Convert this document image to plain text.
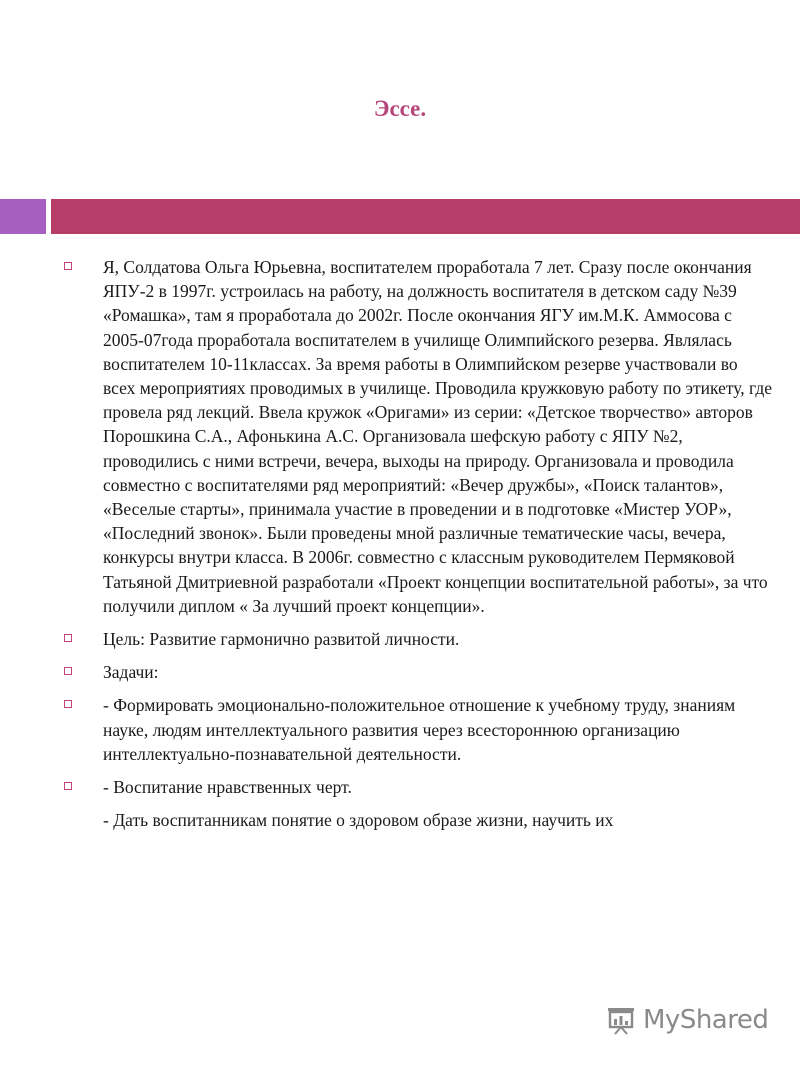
Эссе.
Я, Солдатова Ольга Юрьевна, воспитателем проработала 7 лет. Сразу после окончания ЯПУ-2 в 1997г. устроилась на работу, на должность воспитателя в детском саду №39 «Ромашка», там я проработала до 2002г. После окончания ЯГУ им.М.К. Аммосова с 2005-07года проработала воспитателем в училище Олимпийского резерва. Являлась воспитателем 10-11классах. За время работы в Олимпийском резерве участвовали во всех мероприятиях проводимых в училище. Проводила кружковую работу по этикету, где провела ряд лекций. Ввела кружок «Оригами» из серии: «Детское творчество» авторов Порошкина С.А., Афонькина А.С. Организовала шефскую работу с ЯПУ №2, проводились с ними встречи, вечера, выходы на природу. Организовала и проводила совместно с воспитателями ряд мероприятий: «Вечер дружбы», «Поиск талантов», «Веселые старты», принимала участие в проведении и в подготовке «Мистер УОР», «Последний звонок». Были проведены мной различные тематические часы, вечера, конкурсы внутри класса. В 2006г. совместно с классным руководителем Пермяковой Татьяной Дмитриевной разработали «Проект концепции воспитательной работы», за что получили диплом « За лучший проект концепции».
Цель: Развитие гармонично развитой личности.
Задачи:
- Формировать эмоционально-положительное отношение к учебному труду, знаниям науке, людям интеллектуального развития через всестороннюю организацию интеллектуально-познавательной деятельности.
- Воспитание нравственных черт.
- Дать воспитанникам понятие о здоровом образе жизни, научить их
MyShared
